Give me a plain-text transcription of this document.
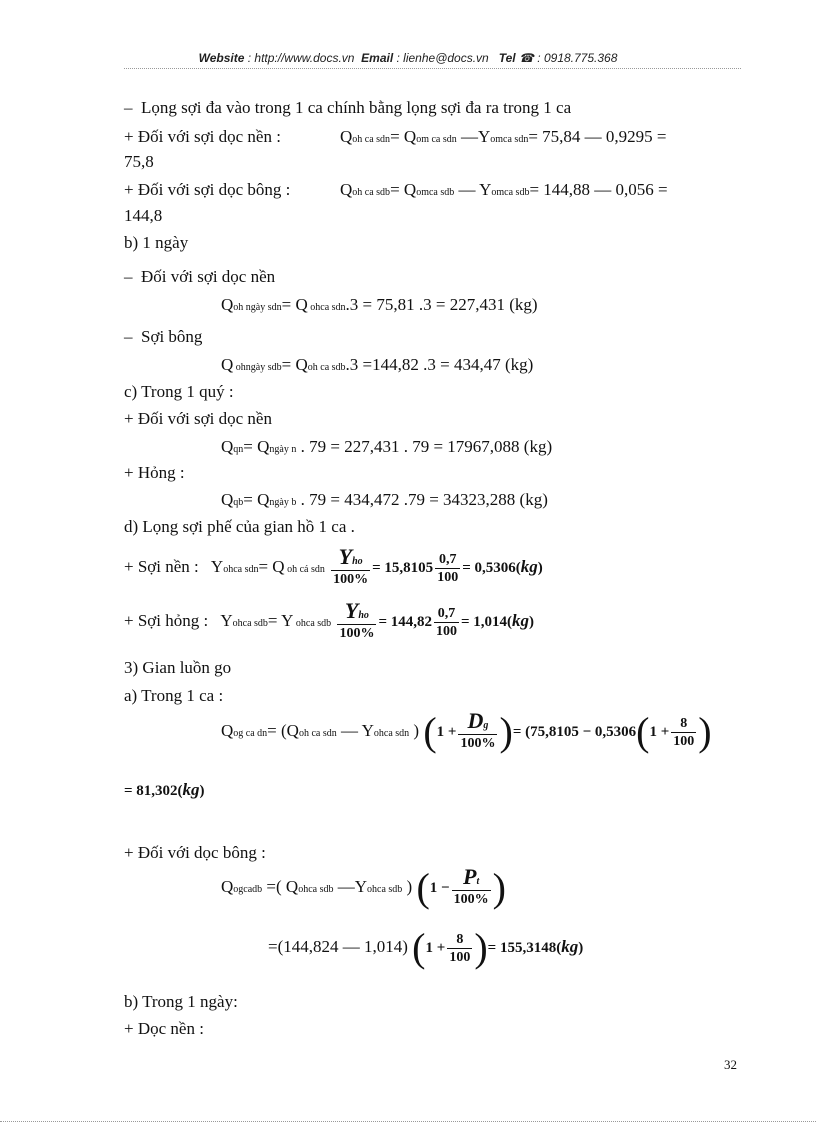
Website : http://www.docs.vn Email : lienhe@docs.vn Tel ☎ : 0918.775.368
–  Lọng sợi đa vào trong 1 ca chính bằng lọng sợi đa ra trong 1 ca
+ Đối với sợi dọc nền :	Qoh ca sdn= Qom ca sdn —Yomca sdn= 75,84 — 0,9295 =
75,8
+ Đối với sợi dọc bông :	Qoh ca sdb= Qomca sdb — Yomca sdb= 144,88 — 0,056 =
144,8
b) 1 ngày
–  Đối với sợi dọc nền
Qoh ngày sdn= Q ohca sdn.3 = 75,81 .3 = 227,431 (kg)
–  Sợi bông
Q ohngày sdb= Qoh ca sdb.3 =144,82 .3 = 434,47 (kg)
c) Trong 1 quý :
+ Đối với sợi dọc nền
Qqn= Qngày n . 79 = 227,431 . 79 = 17967,088 (kg)
+ Hỏng :
Qqb= Qngày b . 79 = 434,472 .79 = 34323,288 (kg)
d) Lọng sợi phế của gian hồ 1 ca .
+ Sợi nền : Yohca sdn= Q oh cá sdn $\frac{\text{Yho}}{100\%} = 15,8105 \frac{0,7}{100} = 0,5306(kg)$
+ Sợi hỏng : Yohca sdb= Y ohca sdb $\frac{\text{Yho}}{100\%} = 144,82 \frac{0,7}{100} = 1,014(kg)$
3) Gian luồn go
a) Trong 1 ca :
Qog ca dn= (Qoh ca sdn — Yohca sdn ) ($1 + \frac{Dg}{100\%}$ )= ($75,8105 - 0,5306(1 + \frac{8}{100}$ )
= 81,302(kg)
+ Đối với dọc bông :
Qogcadb =( Qohca sdb —Yohca sdb ) ($1 - \frac{Pt}{100\%}$ )
=(144,824 — 1,014) ($1 + \frac{8}{100}$ )= 155,3148(kg)
b) Trong 1 ngày:
+ Dọc nền :
32
